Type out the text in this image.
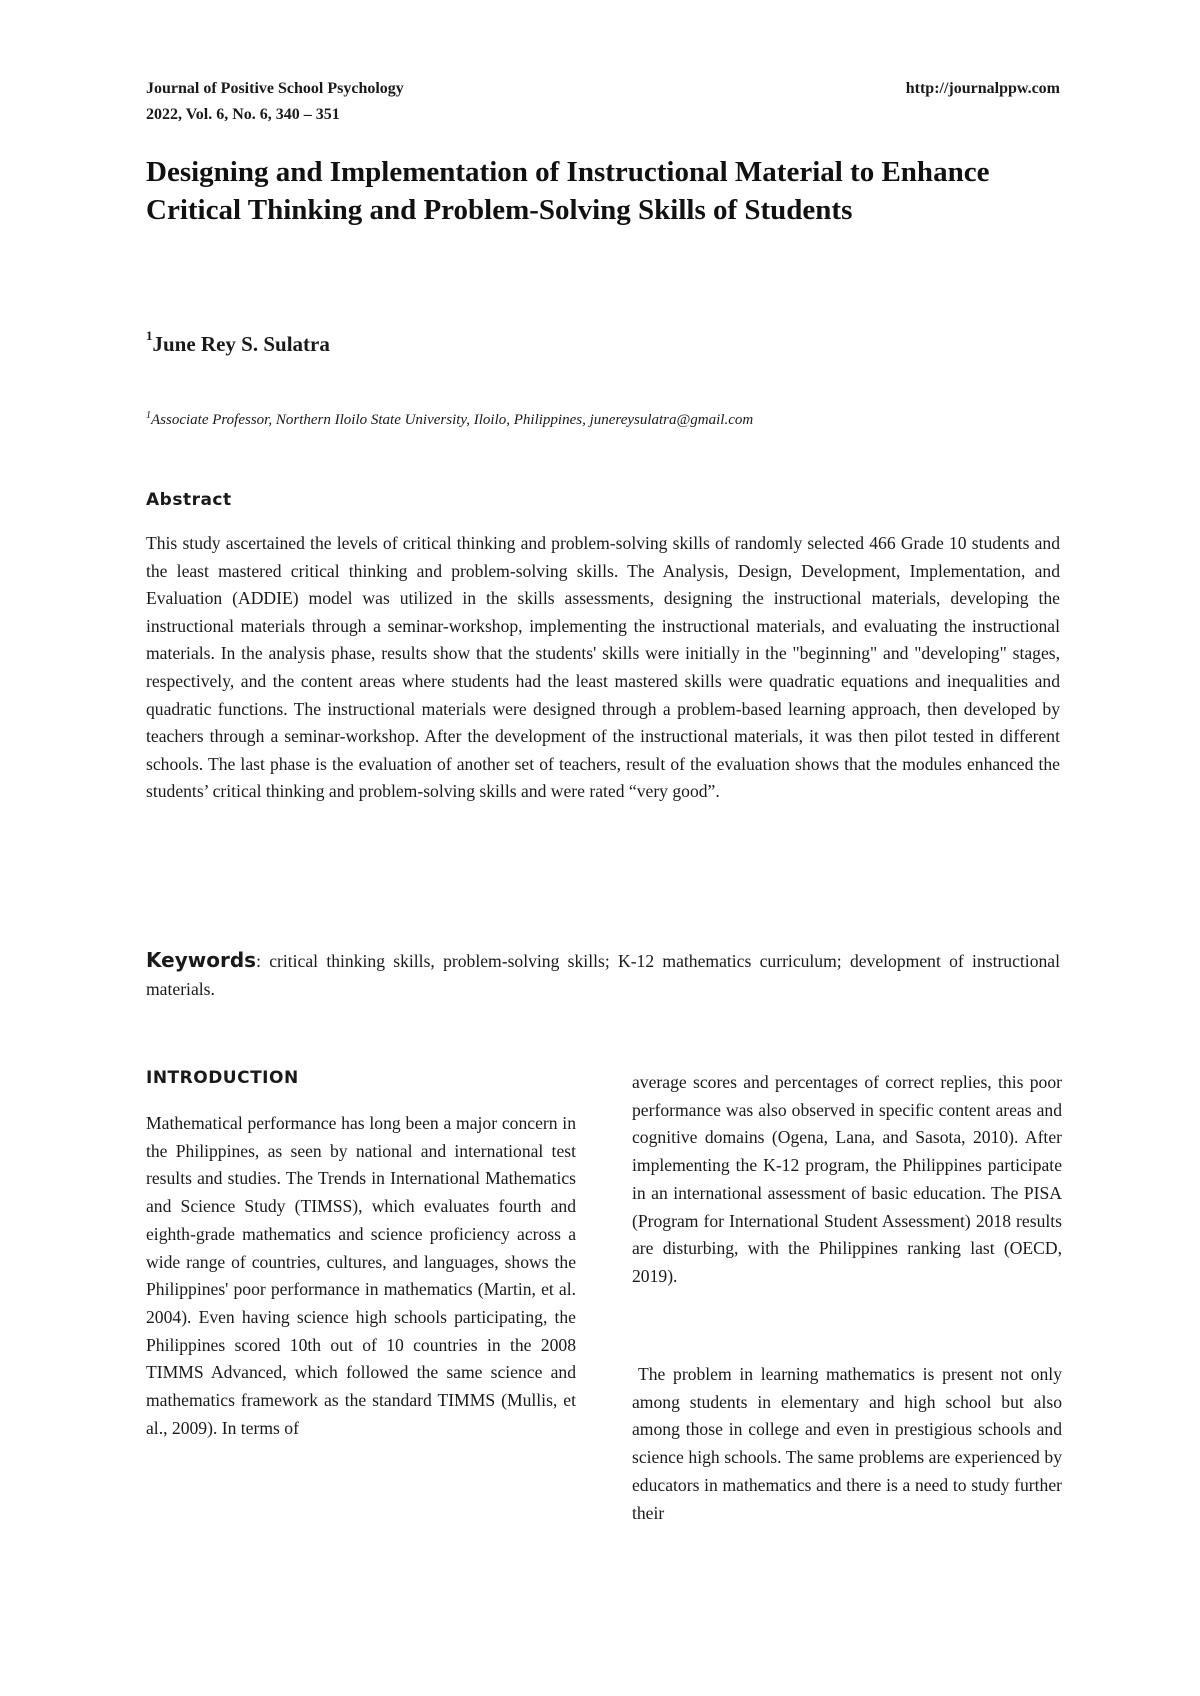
Journal of Positive School Psychology
2022, Vol. 6, No. 6, 340 – 351
http://journalppw.com
Designing and Implementation of Instructional Material to Enhance Critical Thinking and Problem-Solving Skills of Students
$^1$June Rey S. Sulatra
$^1$Associate Professor, Northern Iloilo State University, Iloilo, Philippines, junereysulatra@gmail.com
Abstract

This study ascertained the levels of critical thinking and problem-solving skills of randomly selected 466 Grade 10 students and the least mastered critical thinking and problem-solving skills. The Analysis, Design, Development, Implementation, and Evaluation (ADDIE) model was utilized in the skills assessments, designing the instructional materials, developing the instructional materials through a seminar-workshop, implementing the instructional materials, and evaluating the instructional materials. In the analysis phase, results show that the students' skills were initially in the "beginning" and "developing" stages, respectively, and the content areas where students had the least mastered skills were quadratic equations and inequalities and quadratic functions. The instructional materials were designed through a problem-based learning approach, then developed by teachers through a seminar-workshop. After the development of the instructional materials, it was then pilot tested in different schools. The last phase is the evaluation of another set of teachers, result of the evaluation shows that the modules enhanced the students’ critical thinking and problem-solving skills and were rated “very good”.

Keywords: critical thinking skills, problem-solving skills; K-12 mathematics curriculum; development of instructional materials.

INTRODUCTION

Mathematical performance has long been a major concern in the Philippines, as seen by national and international test results and studies. The Trends in International Mathematics and Science Study (TIMSS), which evaluates fourth and eighth-grade mathematics and science proficiency across a wide range of countries, cultures, and languages, shows the Philippines' poor performance in mathematics (Martin, et al. 2004). Even having science high schools participating, the Philippines scored 10th out of 10 countries in the 2008 TIMMS Advanced, which followed the same science and mathematics framework as the standard TIMMS (Mullis, et al., 2009). In terms of

average scores and percentages of correct replies, this poor performance was also observed in specific content areas and cognitive domains (Ogena, Lana, and Sasota, 2010). After implementing the K-12 program, the Philippines participate in an international assessment of basic education. The PISA (Program for International Student Assessment) 2018 results are disturbing, with the Philippines ranking last (OECD, 2019).

The problem in learning mathematics is present not only among students in elementary and high school but also among those in college and even in prestigious schools and science high schools. The same problems are experienced by educators in mathematics and there is a need to study further their
